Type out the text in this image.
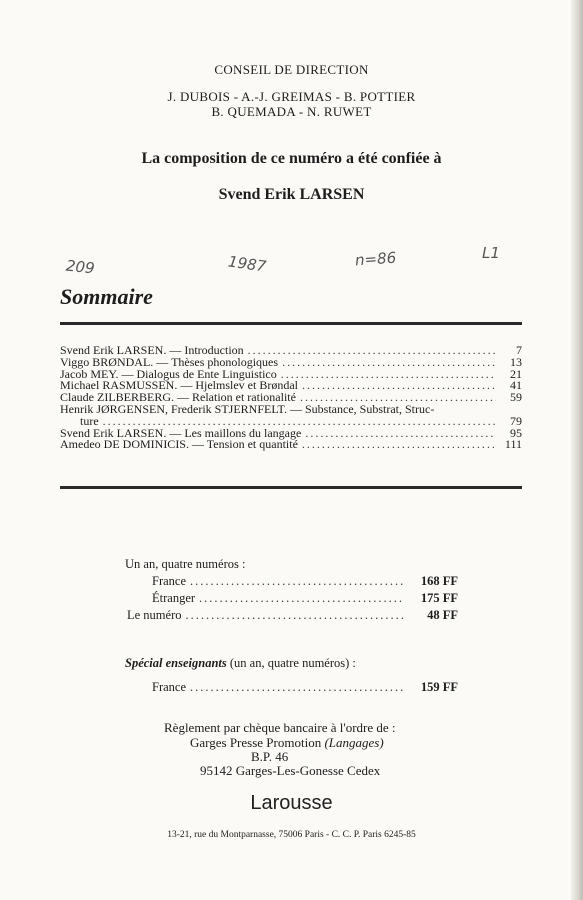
CONSEIL DE DIRECTION
J. DUBOIS - A.-J. GREIMAS - B. POTTIER
B. QUEMADA - N. RUWET
La composition de ce numéro a été confiée à
Svend Erik LARSEN
209	1987	n=86	L1
Sommaire
Svend Erik LARSEN. — Introduction .....	7
Viggo BRØNDAL. — Thèses phonologiques .....	13
Jacob MEY. — Dialogus de Ente Linguistico .....	21
Michael RASMUSSEN. — Hjelmslev et Brøndal .....	41
Claude ZILBERBERG. — Relation et rationalité .....	59
Henrik JØRGENSEN, Frederik STJERNFELT. — Substance, Substrat, Struc-
ture .....	79
Svend Erik LARSEN. — Les maillons du langage .....	95
Amedeo DE DOMINICIS. — Tension et quantité .....	111
Un an, quatre numéros :
France .....	168 FF
Étranger .....	175 FF
Le numéro .....	48 FF
Spécial enseignants (un an, quatre numéros) :
France .....	159 FF
Règlement par chèque bancaire à l'ordre de :
Garges Presse Promotion (Langages)
B.P. 46
95142 Garges-Les-Gonesse Cedex
Larousse
13-21, rue du Montparnasse, 75006 Paris - C. C. P. Paris 6245-85
